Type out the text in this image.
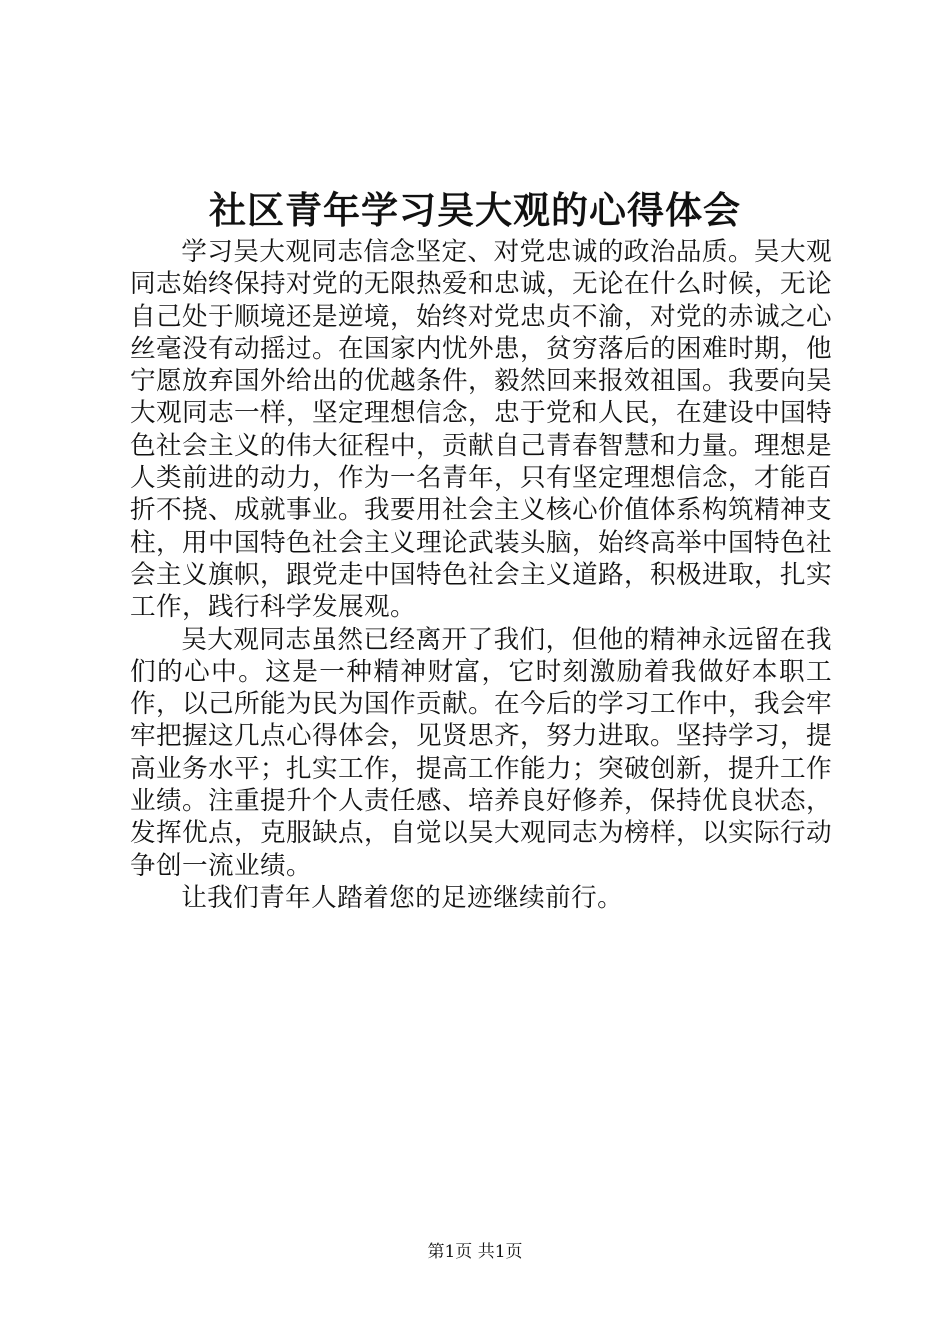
社区青年学习吴大观的心得体会

学习吴大观同志信念坚定、对党忠诚的政治品质。吴大观同志始终保持对党的无限热爱和忠诚，无论在什么时候，无论自己处于顺境还是逆境，始终对党忠贞不渝，对党的赤诚之心丝毫没有动摇过。在国家内忧外患，贫穷落后的困难时期，他宁愿放弃国外给出的优越条件，毅然回来报效祖国。我要向吴大观同志一样，坚定理想信念，忠于党和人民，在建设中国特色社会主义的伟大征程中，贡献自己青春智慧和力量。理想是人类前进的动力，作为一名青年，只有坚定理想信念，才能百折不挠、成就事业。我要用社会主义核心价值体系构筑精神支柱，用中国特色社会主义理论武装头脑，始终高举中国特色社会主义旗帜，跟党走中国特色社会主义道路，积极进取，扎实工作，践行科学发展观。

吴大观同志虽然已经离开了我们，但他的精神永远留在我们的心中。这是一种精神财富，它时刻激励着我做好本职工作，以己所能为民为国作贡献。在今后的学习工作中，我会牢牢把握这几点心得体会，见贤思齐，努力进取。坚持学习，提高业务水平；扎实工作，提高工作能力；突破创新，提升工作业绩。注重提升个人责任感、培养良好修养，保持优良状态，发挥优点，克服缺点，自觉以吴大观同志为榜样，以实际行动争创一流业绩。

让我们青年人踏着您的足迹继续前行。

第1页 共1页
